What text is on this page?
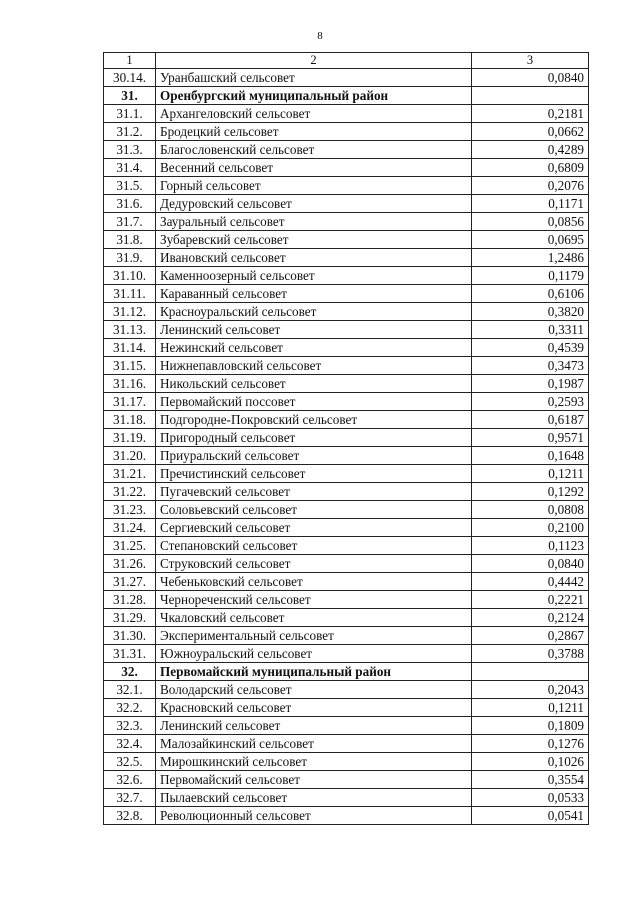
8
1	2	3
30.14.	Уранбашский сельсовет	0,0840
31.	Оренбургский муниципальный район	
31.1.	Архангеловский сельсовет	0,2181
31.2.	Бродецкий сельсовет	0,0662
31.3.	Благословенский сельсовет	0,4289
31.4.	Весенний сельсовет	0,6809
31.5.	Горный сельсовет	0,2076
31.6.	Дедуровский сельсовет	0,1171
31.7.	Зауральный сельсовет	0,0856
31.8.	Зубаревский сельсовет	0,0695
31.9.	Ивановский сельсовет	1,2486
31.10.	Каменноозерный сельсовет	0,1179
31.11.	Караванный сельсовет	0,6106
31.12.	Красноуральский сельсовет	0,3820
31.13.	Ленинский сельсовет	0,3311
31.14.	Нежинский сельсовет	0,4539
31.15.	Нижнепавловский сельсовет	0,3473
31.16.	Никольский сельсовет	0,1987
31.17.	Первомайский поссовет	0,2593
31.18.	Подгородне-Покровский сельсовет	0,6187
31.19.	Пригородный сельсовет	0,9571
31.20.	Приуральский сельсовет	0,1648
31.21.	Пречистинский сельсовет	0,1211
31.22.	Пугачевский сельсовет	0,1292
31.23.	Соловьевский сельсовет	0,0808
31.24.	Сергиевский сельсовет	0,2100
31.25.	Степановский сельсовет	0,1123
31.26.	Струковский сельсовет	0,0840
31.27.	Чебеньковский сельсовет	0,4442
31.28.	Чернореченский сельсовет	0,2221
31.29.	Чкаловский сельсовет	0,2124
31.30.	Экспериментальный сельсовет	0,2867
31.31.	Южноуральский сельсовет	0,3788
32.	Первомайский муниципальный район	
32.1.	Володарский сельсовет	0,2043
32.2.	Красновский сельсовет	0,1211
32.3.	Ленинский сельсовет	0,1809
32.4.	Малозайкинский сельсовет	0,1276
32.5.	Мирошкинский сельсовет	0,1026
32.6.	Первомайский сельсовет	0,3554
32.7.	Пылаевский сельсовет	0,0533
32.8.	Революционный сельсовет	0,0541
